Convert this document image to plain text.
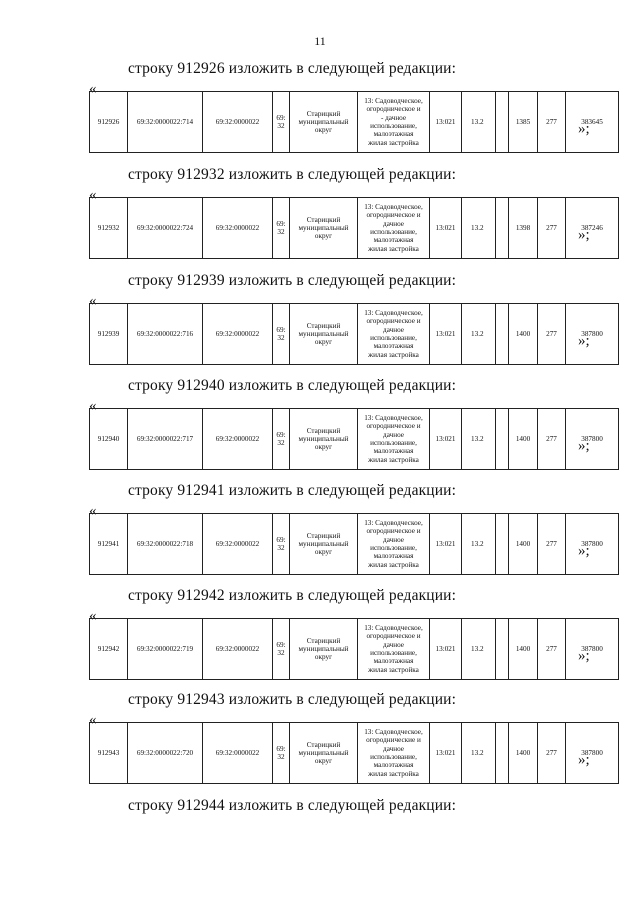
11
строку 912926 изложить в следующей редакции:
«
912926	69:32:0000022:714	69:32:0000022	69:
32	Старицкий
муниципальный
округ	13: Садоводческое,
огородническое и
- дачное
использование,
малоэтажная
жилая застройка	13:021	13.2		1385	277	383645
»;
строку 912932 изложить в следующей редакции:
«
912932	69:32:0000022:724	69:32:0000022	69:
32	Старицкий
муниципальный
округ	13: Садоводческое,
огородническое и
дачное
использование,
малоэтажная
жилая застройка	13:021	13.2		1398	277	387246
»;
строку 912939 изложить в следующей редакции:
«
912939	69:32:0000022:716	69:32:0000022	69:
32	Старицкий
муниципальный
округ	13: Садоводческое,
огородническое и
дачное
использование,
малоэтажная
жилая застройка	13:021	13.2		1400	277	387800
»;
строку 912940 изложить в следующей редакции:
«
912940	69:32:0000022:717	69:32:0000022	69:
32	Старицкий
муниципальный
округ	13: Садоводческое,
огородническое и
дачное
использование,
малоэтажная
жилая застройка	13:021	13.2		1400	277	387800
»;
строку 912941 изложить в следующей редакции:
«
912941	69:32:0000022:718	69:32:0000022	69:
32	Старицкий
муниципальный
округ	13: Садоводческое,
огородническое и
дачное
использование,
малоэтажная
жилая застройка	13:021	13.2		1400	277	387800
»;
строку 912942 изложить в следующей редакции:
«
912942	69:32:0000022:719	69:32:0000022	69:
32	Старицкий
муниципальный
округ	13: Садоводческое,
огородническое и
дачное
использование,
малоэтажная
жилая застройка	13:021	13.2		1400	277	387800
»;
строку 912943 изложить в следующей редакции:
«
912943	69:32:0000022:720	69:32:0000022	69:
32	Старицкий
муниципальный
округ	13: Садоводческое,
огороднические и
дачное
использование,
малоэтажная
жилая застройка	13:021	13.2		1400	277	387800
»;
строку 912944 изложить в следующей редакции:
